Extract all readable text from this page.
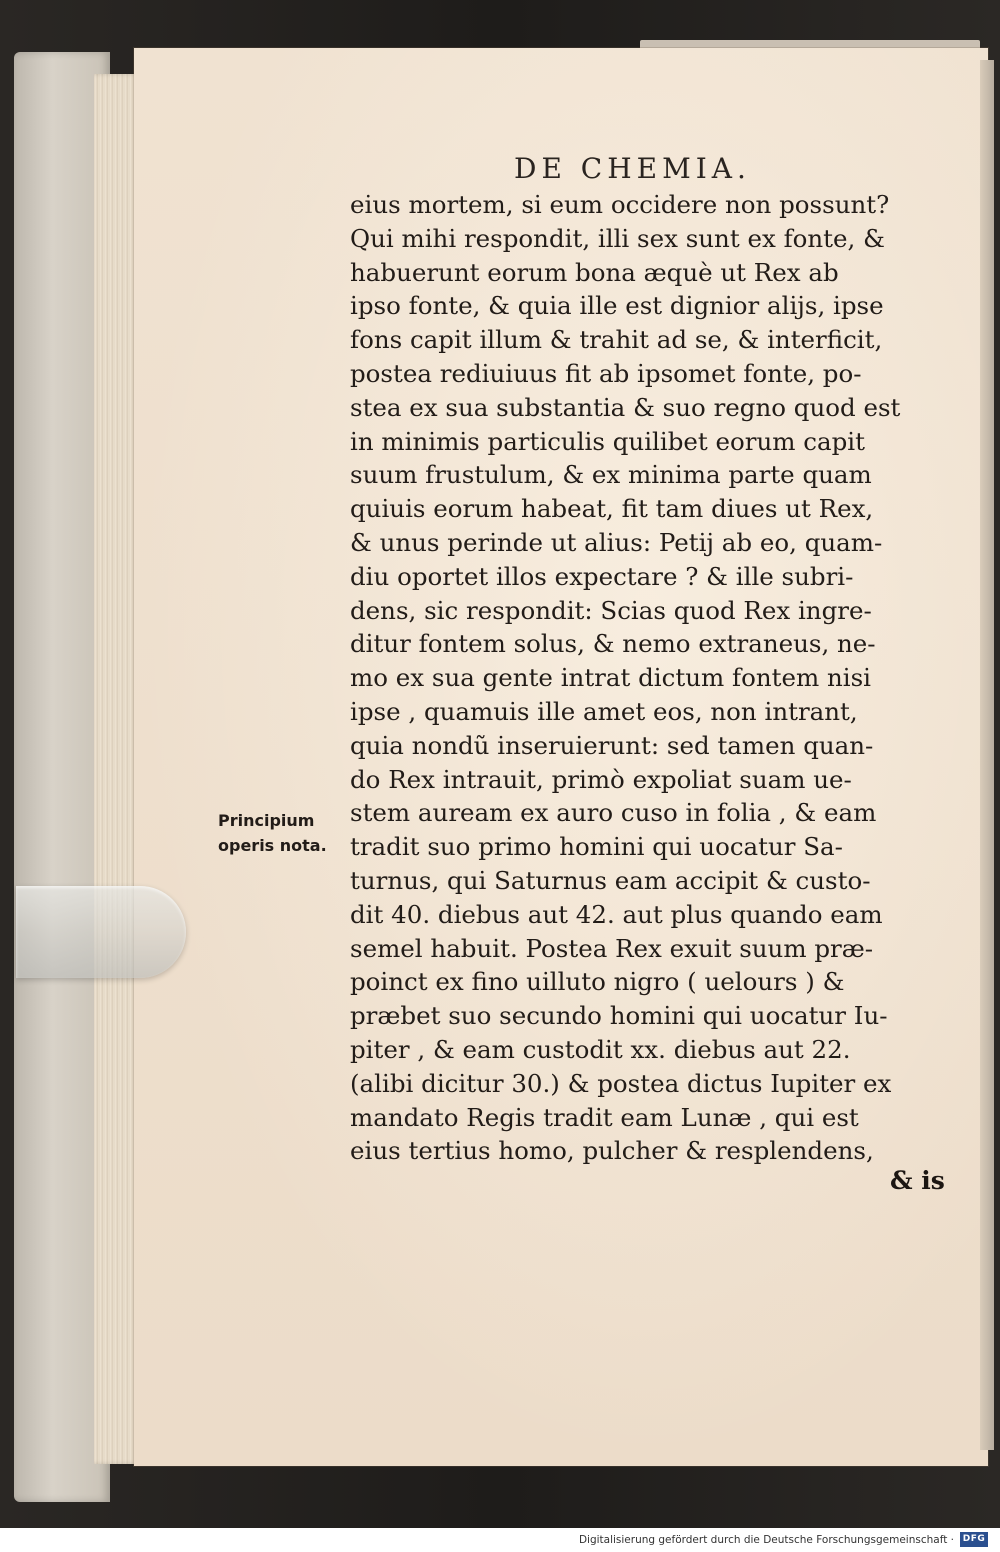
DE CHEMIA.
eius mortem, si eum occidere non possunt?
Qui mihi respondit, illi sex sunt ex fonte, &
habuerunt eorum bona æquè ut Rex ab
ipso fonte, & quia ille est dignior alijs, ipse
fons capit illum & trahit ad se, & interficit,
postea rediuiuus fit ab ipsomet fonte, po-
stea ex sua substantia & suo regno quod est
in minimis particulis quilibet eorum capit
suum frustulum, & ex minima parte quam
quiuis eorum habeat, fit tam diues ut Rex,
& unus perinde ut alius: Petij ab eo, quam-
diu oportet illos expectare ? & ille subri-
dens, sic respondit: Scias quod Rex ingre-
ditur fontem solus, & nemo extraneus, ne-
mo ex sua gente intrat dictum fontem nisi
ipse , quamuis ille amet eos, non intrant,
quia nondũ inseruierunt: sed tamen quan-
do Rex intrauit, primò expoliat suam ue-
stem auream ex auro cuso in folia , & eam
tradit suo primo homini qui uocatur Sa-
turnus, qui Saturnus eam accipit & custo-
dit 40. diebus aut 42. aut plus quando eam
semel habuit. Postea Rex exuit suum præ-
poinct ex fino uilluto nigro ( uelours ) &
præbet suo secundo homini qui uocatur Iu-
piter , & eam custodit xx. diebus aut 22.
(alibi dicitur 30.) & postea dictus Iupiter ex
mandato Regis tradit eam Lunæ , qui est
eius tertius homo, pulcher & resplendens,
Principium
operis nota.
& is
Digitalisierung gefördert durch die Deutsche Forschungsgemeinschaft · DFG
